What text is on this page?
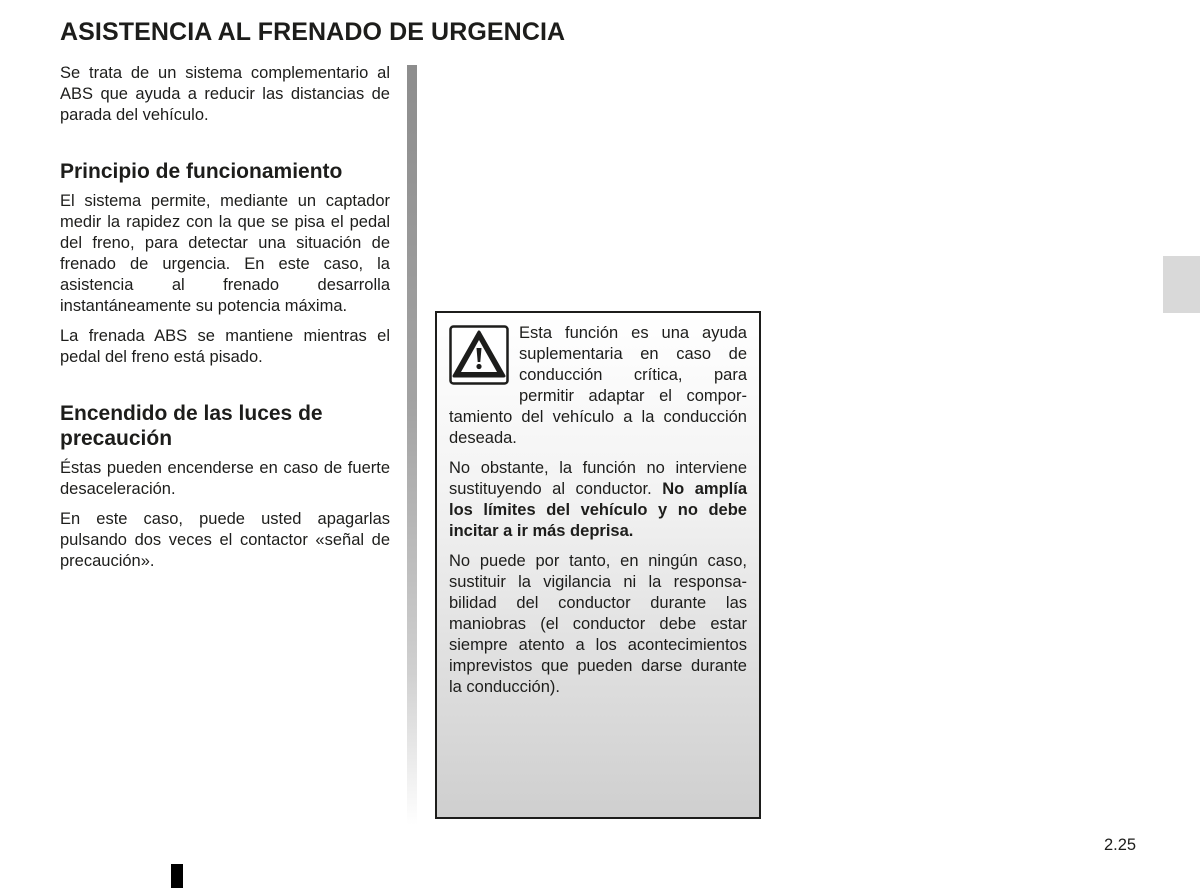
ASISTENCIA AL FRENADO DE URGENCIA

Se trata de un sistema complementario al ABS que ayuda a reducir las distancias de parada del vehículo.

Principio de funcionamiento

El sistema permite, mediante un captador medir la rapidez con la que se pisa el pedal del freno, para detectar una situación de frenado de urgencia. En este caso, la asistencia al frenado desarrolla instantáneamente su potencia máxima.

La frenada ABS se mantiene mientras el pedal del freno está pisado.

Encendido de las luces de precaución

Éstas pueden encenderse en caso de fuerte desaceleración.

En este caso, puede usted apagarlas pulsando dos veces el contactor «señal de precaución».

Esta función es una ayuda suplementaria en caso de conducción crítica, para permitir adaptar el comportamiento del vehículo a la conducción deseada.

No obstante, la función no interviene sustituyendo al conductor. No amplía los límites del vehículo y no debe incitar a ir más deprisa.

No puede por tanto, en ningún caso, sustituir la vigilancia ni la responsabilidad del conductor durante las maniobras (el conductor debe estar siempre atento a los acontecimientos imprevistos que pueden darse durante la conducción).

2.25
